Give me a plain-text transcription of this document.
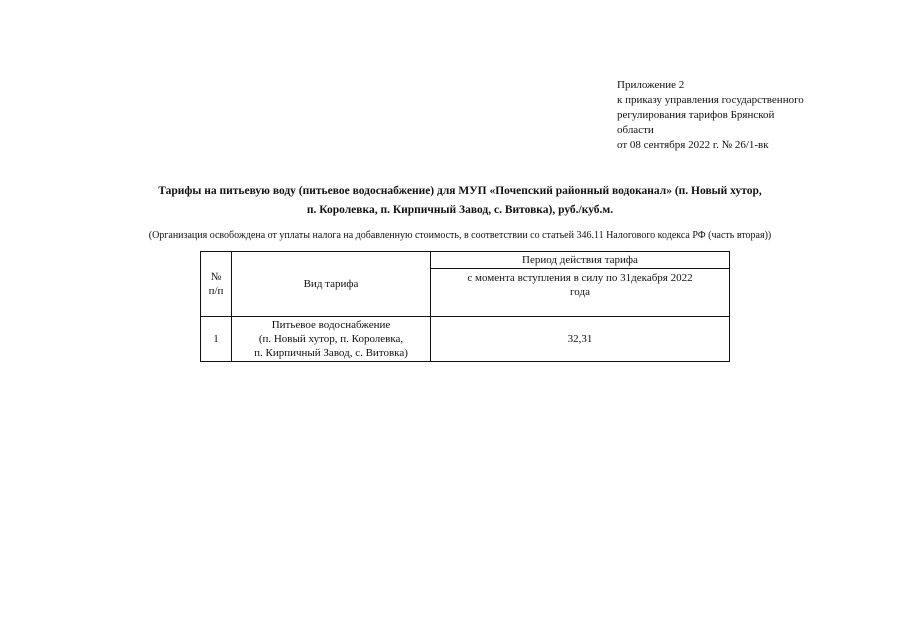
Приложение 2
к приказу управления государственного
регулирования тарифов Брянской
области
от 08 сентября 2022 г. № 26/1-вк
Тарифы на питьевую воду (питьевое водоснабжение) для МУП «Почепский районный водоканал» (п. Новый хутор,
п. Королевка, п. Кирпичный Завод, с. Витовка), руб./куб.м.
(Организация освобождена от уплаты налога на добавленную стоимость, в соответствии со статьей 346.11 Налогового кодекса РФ (часть вторая))
№
п/п	Вид тарифа	Период действия тарифа

		с момента вступления в силу по 31декабря 2022
года

1	Питьевое водоснабжение
(п. Новый хутор, п. Королевка,
п. Кирпичный Завод, с. Витовка)	32,31
